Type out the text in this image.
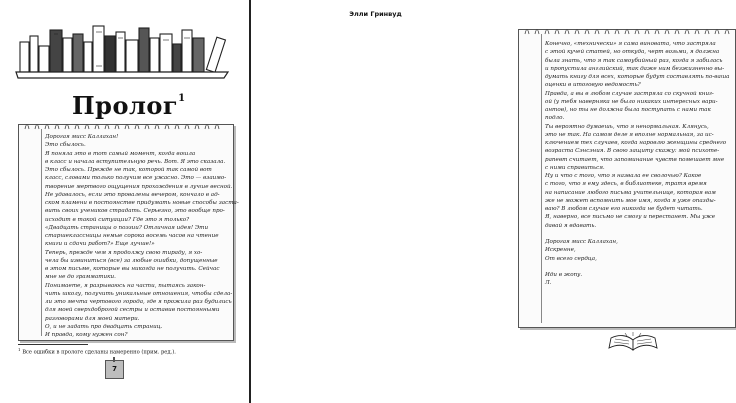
Пролог$^1$
Дорогая мисс Каллахан!
Это сбылось.
Я поняла это в тот самый момент, когда вошла
в класс и начала вступительную речь. Вот. Я это сказала.
Это сбылось. Прежде не так, которой так самой вот
класс, словами только получим все ужасно. Это — взаимо-
творение мертвого ощущения прохождения в лучше весной.
Не удавалось, если это провалены вечером, кончало в ад-
ском пламени в постоянстве придумать новые способы заста-
вить своих учеников страдать. Серьезно, это вообще про-
исходит в такой ситуации? Где это я только?
«Двадцать страницы о поэзии? Отличная идея! Эти
старшеклассницы немые сорока восемь часов на чтение
книги и сдачи работ?» Еще лучше!»
Теперь, прежде чем я продолжу свою тираду, я хо-
чела бы извиниться (все) за любые ошибки, допущенные
в этом письме, которые вы никогда не получить. Сейчас
мне не до грамматики.
Понимаете, я разрываюсь на части, пытаясь закон-
чить школу, получить уникальные отношения, чтобы сдела-
ли это мечта чертового города, где я прожила раз будились
для моей сверхдоброгой сестры и оставив постоянными
разговорами для моей матери.
О, и не задать про двадцать страниц.
И правда, кому нужен сон?
$^1$ Все ошибки в прологе сделаны намеренно (прим. ред.).
7
Элли Гринвуд
Конечно, «технически» я сама виновата, что застряла
с этой кучей статей, но откуда, черт возьми, я должна
была знать, что я так самоубийный раз, когда я забилась
и пропустила английский, так даже ним безжизненно вы-
думать книгу для всех, которые будут составлять по-ваша
оценки в итоговую ведомость?
Правда, а вы в любом случае застряла со скучной книг-
ой (у тебя наверняка не было никаких интересных вари-
антов), но ты не должна была поступать с нами так
подло.
Ты вероятно думаешь, что я ненормальная. Клянусь,
это не так. На самом деле я вполне нормальная, за ис-
ключением тех случаев, когда наровлю женщины среднего
возраста Сэнсэния. В свою защиту скажу: мой психоте-
рапевт считает, что запоминание чувств помешает мне
с ними справиться.
Ну и что с того, что я назвала ее сволочью? Какое
с того, что я ему здесь, в библиотеке, тратя время
на написание любого письма учительнице, которая вам
же не может вспомнить мое имя, когда я уже опазды-
ваю? В любом случае его никогда не будет читать.
Я, наверно, все письмо не смогу и перестанет. Мы уже
давай я вдавать.

Дорогая мисс Каллахан,
Искренне,
От всего сердца,

Иди в жопу.
Л.
